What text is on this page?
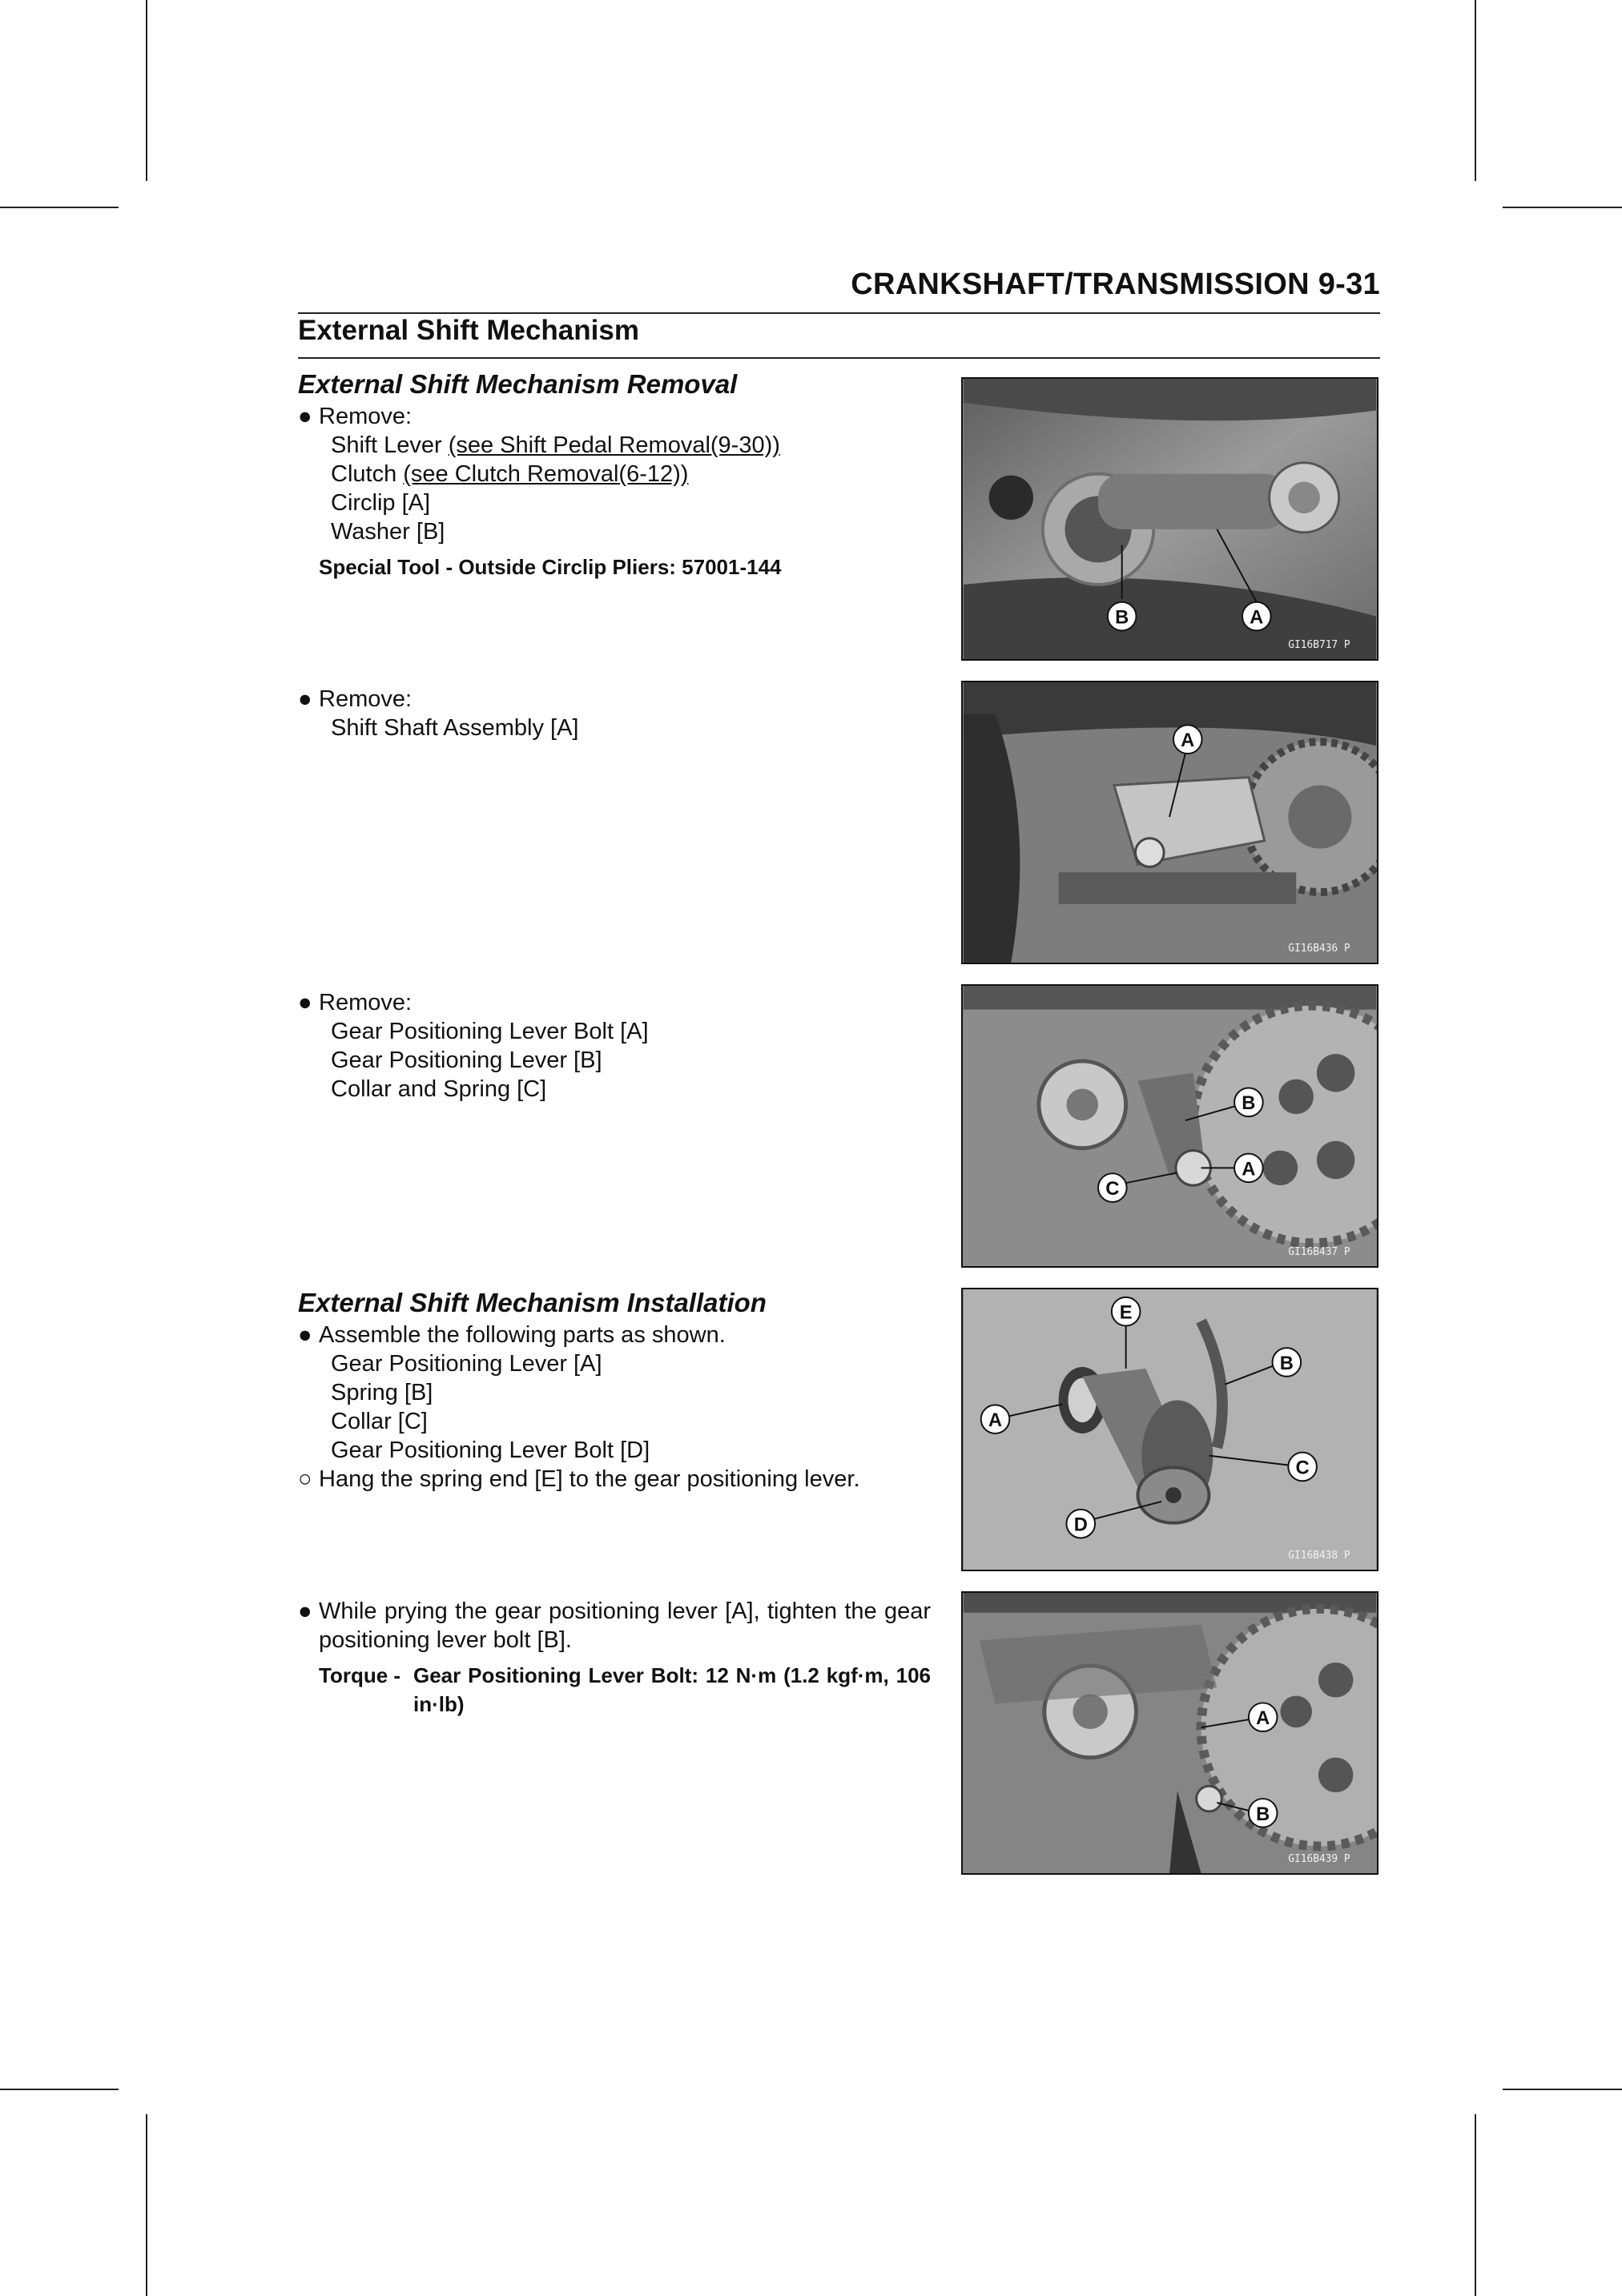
CRANKSHAFT/TRANSMISSION 9-31
External Shift Mechanism
External Shift Mechanism Removal
● Remove:
Shift Lever (see Shift Pedal Removal(9-30))
Clutch (see Clutch Removal(6-12))
Circlip [A]
Washer [B]
Special Tool - Outside Circlip Pliers: 57001-144
B	A
GI16B717 P
● Remove:
Shift Shaft Assembly [A]
A
GI16B436 P
● Remove:
Gear Positioning Lever Bolt [A]
Gear Positioning Lever [B]
Collar and Spring [C]
B
A
C
GI16B437 P
External Shift Mechanism Installation
● Assemble the following parts as shown.
Gear Positioning Lever [A]
Spring [B]
Collar [C]
Gear Positioning Lever Bolt [D]
○ Hang the spring end [E] to the gear positioning lever.
E
B
A
C
D
GI16B438 P
● While prying the gear positioning lever [A], tighten the gear positioning lever bolt [B].
Torque - Gear Positioning Lever Bolt: 12 N·m (1.2 kgf·m, 106 in·lb)
A
B
GI16B439 P
